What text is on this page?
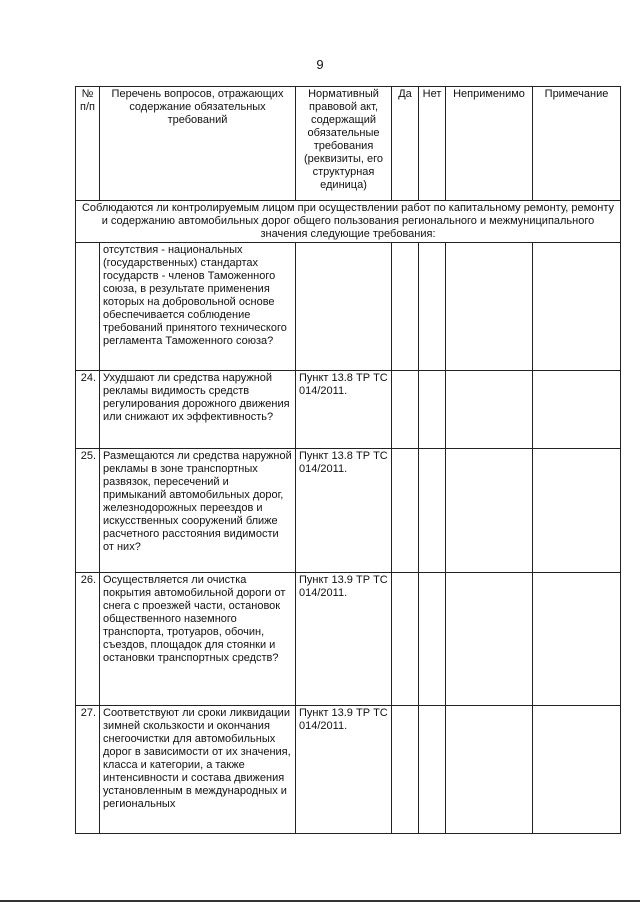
9
№ п/п	Перечень вопросов, отражающих содержание обязательных требований	Нормативный правовой акт, содержащий обязательные требования (реквизиты, его структурная единица)	Да	Нет	Неприменимо	Примечание
Соблюдаются ли контролируемым лицом при осуществлении работ по капитальному ремонту, ремонту и содержанию автомобильных дорог общего пользования регионального и межмуниципального значения следующие требования:						
	отсутствия - национальных (государственных) стандартах государств - членов Таможенного союза, в результате применения которых на добровольной основе обеспечивается соблюдение требований принятого технического регламента Таможенного союза?					
24.	Ухудшают ли средства наружной рекламы видимость средств регулирования дорожного движения или снижают их эффективность?	Пункт 13.8 ТР ТС 014/2011.				
25.	Размещаются ли средства наружной рекламы в зоне транспортных развязок, пересечений и примыканий автомобильных дорог, железнодорожных переездов и искусственных сооружений ближе расчетного расстояния видимости от них?	Пункт 13.8 ТР ТС 014/2011.				
26.	Осуществляется ли очистка покрытия автомобильной дороги от снега с проезжей части, остановок общественного наземного транспорта, тротуаров, обочин, съездов, площадок для стоянки и остановки транспортных средств?	Пункт 13.9 ТР ТС 014/2011.				
27.	Соответствуют ли сроки ликвидации зимней скользкости и окончания снегоочистки для автомобильных дорог в зависимости от их значения, класса и категории, а также интенсивности и состава движения установленным в международных и региональных	Пункт 13.9 ТР ТС 014/2011.				
